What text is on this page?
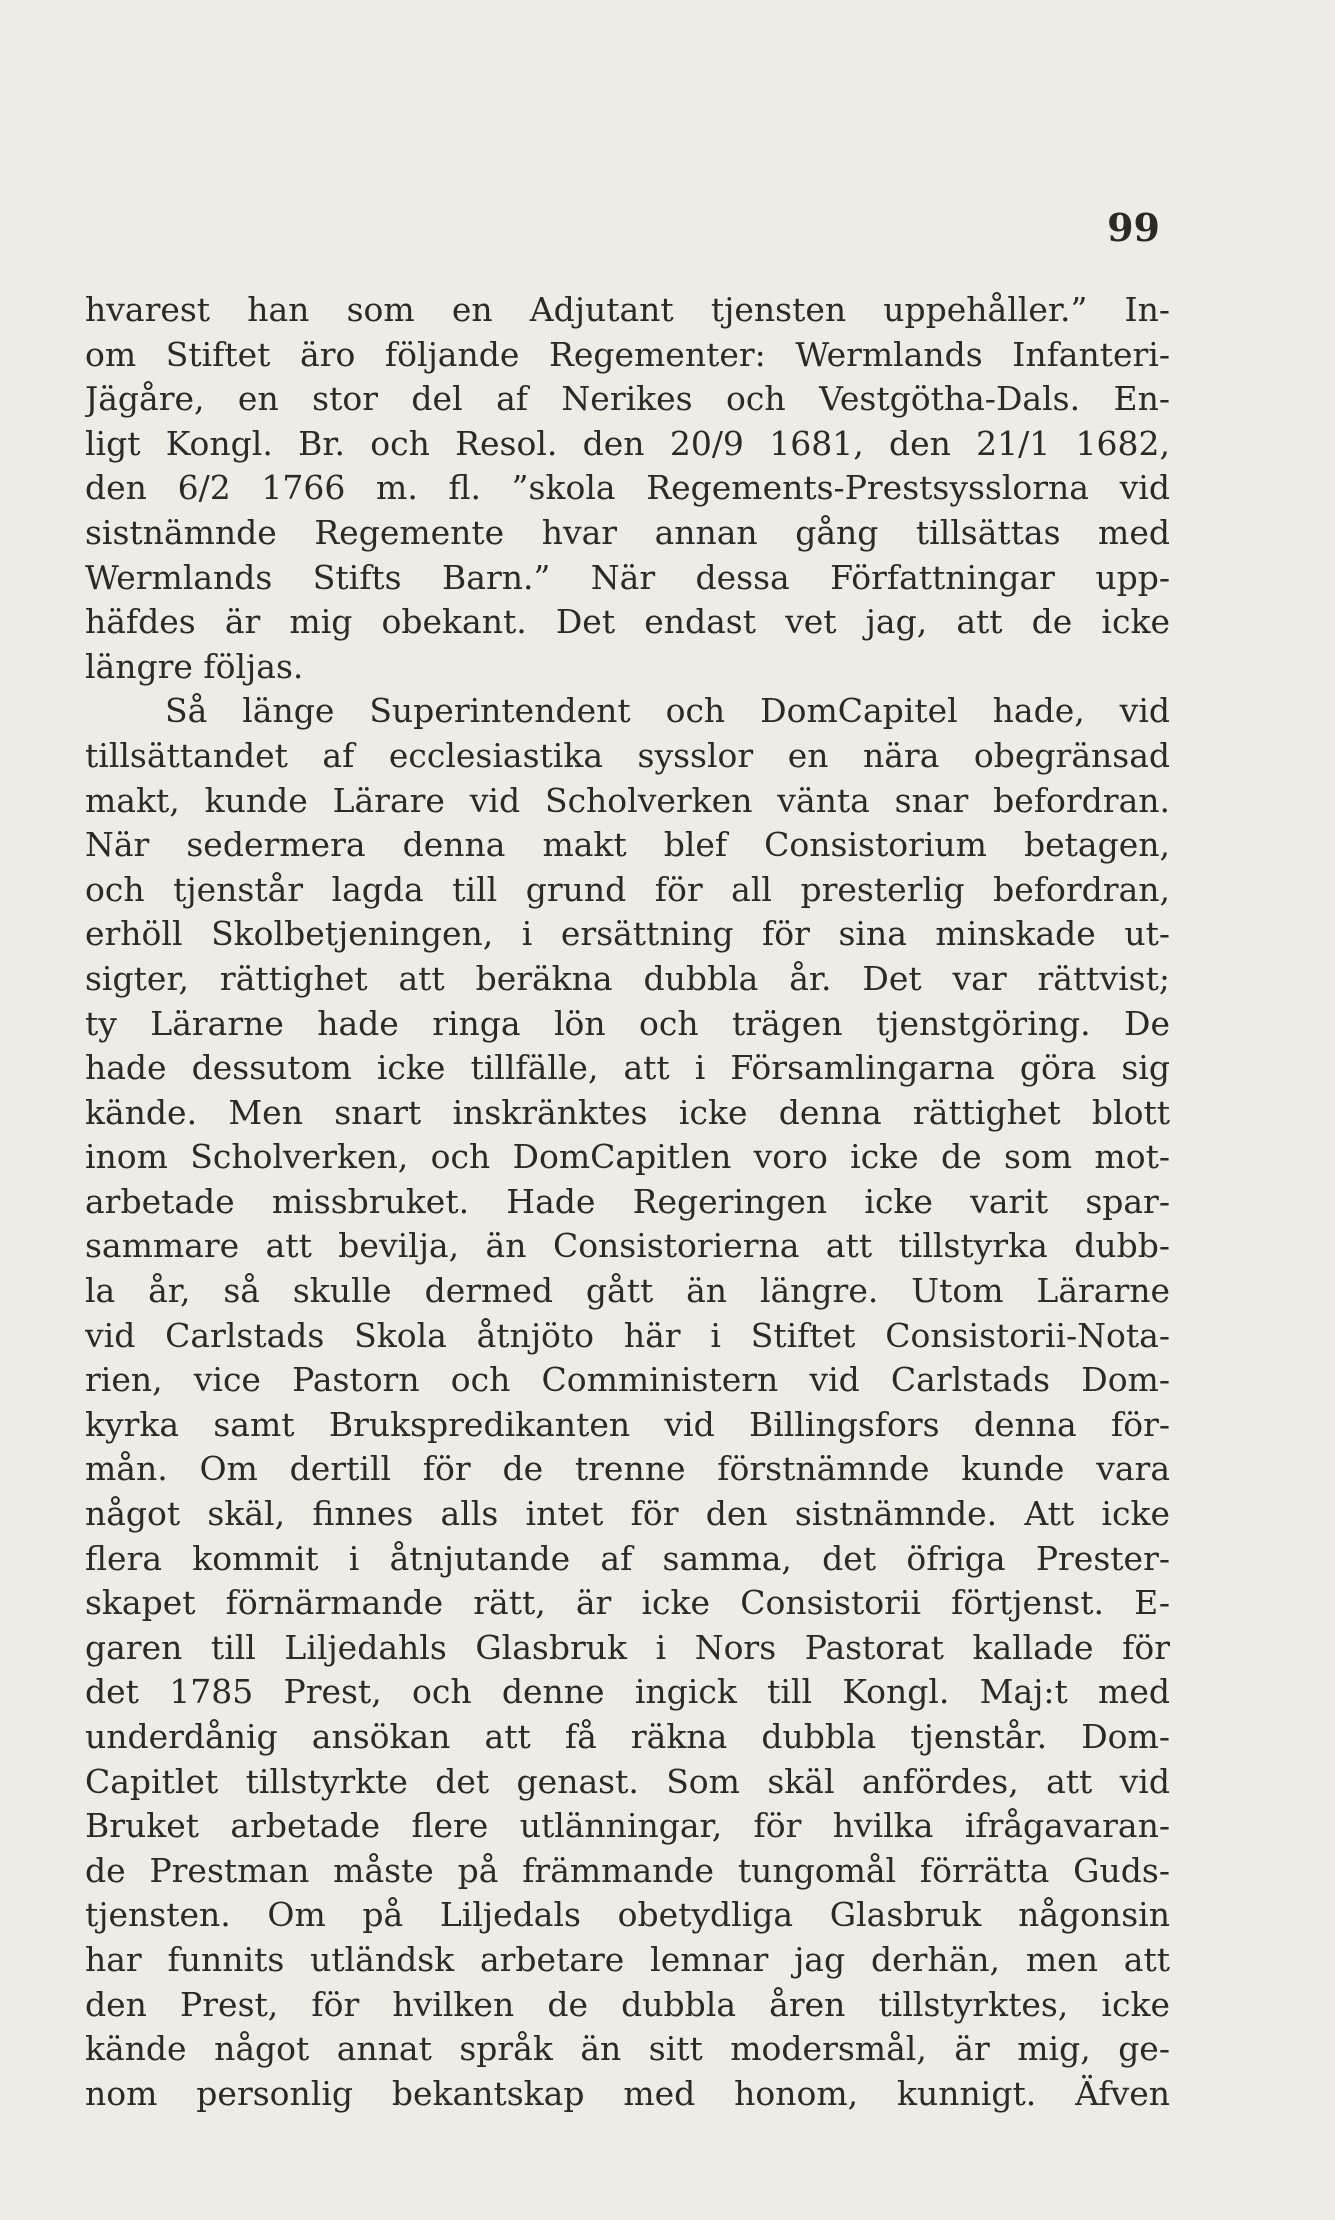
99
hvarest han som en Adjutant tjensten uppehåller.” In-
om Stiftet äro följande Regementer: Wermlands Infanteri-
Jägåre, en stor del af Nerikes och Vestgötha-Dals. En-
ligt Kongl. Br. och Resol. den 20/9 1681, den 21/1 1682,
den 6/2 1766 m. fl. ”skola Regements-Prestsysslorna vid
sistnämnde Regemente hvar annan gång tillsättas med
Wermlands Stifts Barn.” När dessa Författningar upp-
häfdes är mig obekant. Det endast vet jag, att de icke
längre följas.
Så länge Superintendent och DomCapitel hade, vid
tillsättandet af ecclesiastika sysslor en nära obegränsad
makt, kunde Lärare vid Scholverken vänta snar befordran.
När sedermera denna makt blef Consistorium betagen,
och tjenstår lagda till grund för all presterlig befordran,
erhöll Skolbetjeningen, i ersättning för sina minskade ut-
sigter, rättighet att beräkna dubbla år. Det var rättvist;
ty Lärarne hade ringa lön och trägen tjenstgöring. De
hade dessutom icke tillfälle, att i Församlingarna göra sig
kände. Men snart inskränktes icke denna rättighet blott
inom Scholverken, och DomCapitlen voro icke de som mot-
arbetade missbruket. Hade Regeringen icke varit spar-
sammare att bevilja, än Consistorierna att tillstyrka dubb-
la år, så skulle dermed gått än längre. Utom Lärarne
vid Carlstads Skola åtnjöto här i Stiftet Consistorii-Nota-
rien, vice Pastorn och Comministern vid Carlstads Dom-
kyrka samt Brukspredikanten vid Billingsfors denna för-
mån. Om dertill för de trenne förstnämnde kunde vara
något skäl, finnes alls intet för den sistnämnde. Att icke
flera kommit i åtnjutande af samma, det öfriga Prester-
skapet förnärmande rätt, är icke Consistorii förtjenst. E-
garen till Liljedahls Glasbruk i Nors Pastorat kallade för
det 1785 Prest, och denne ingick till Kongl. Maj:t med
underdånig ansökan att få räkna dubbla tjenstår. Dom-
Capitlet tillstyrkte det genast. Som skäl anfördes, att vid
Bruket arbetade flere utlänningar, för hvilka ifrågavaran-
de Prestman måste på främmande tungomål förrätta Guds-
tjensten. Om på Liljedals obetydliga Glasbruk någonsin
har funnits utländsk arbetare lemnar jag derhän, men att
den Prest, för hvilken de dubbla åren tillstyrktes, icke
kände något annat språk än sitt modersmål, är mig, ge-
nom personlig bekantskap med honom, kunnigt. Äfven
